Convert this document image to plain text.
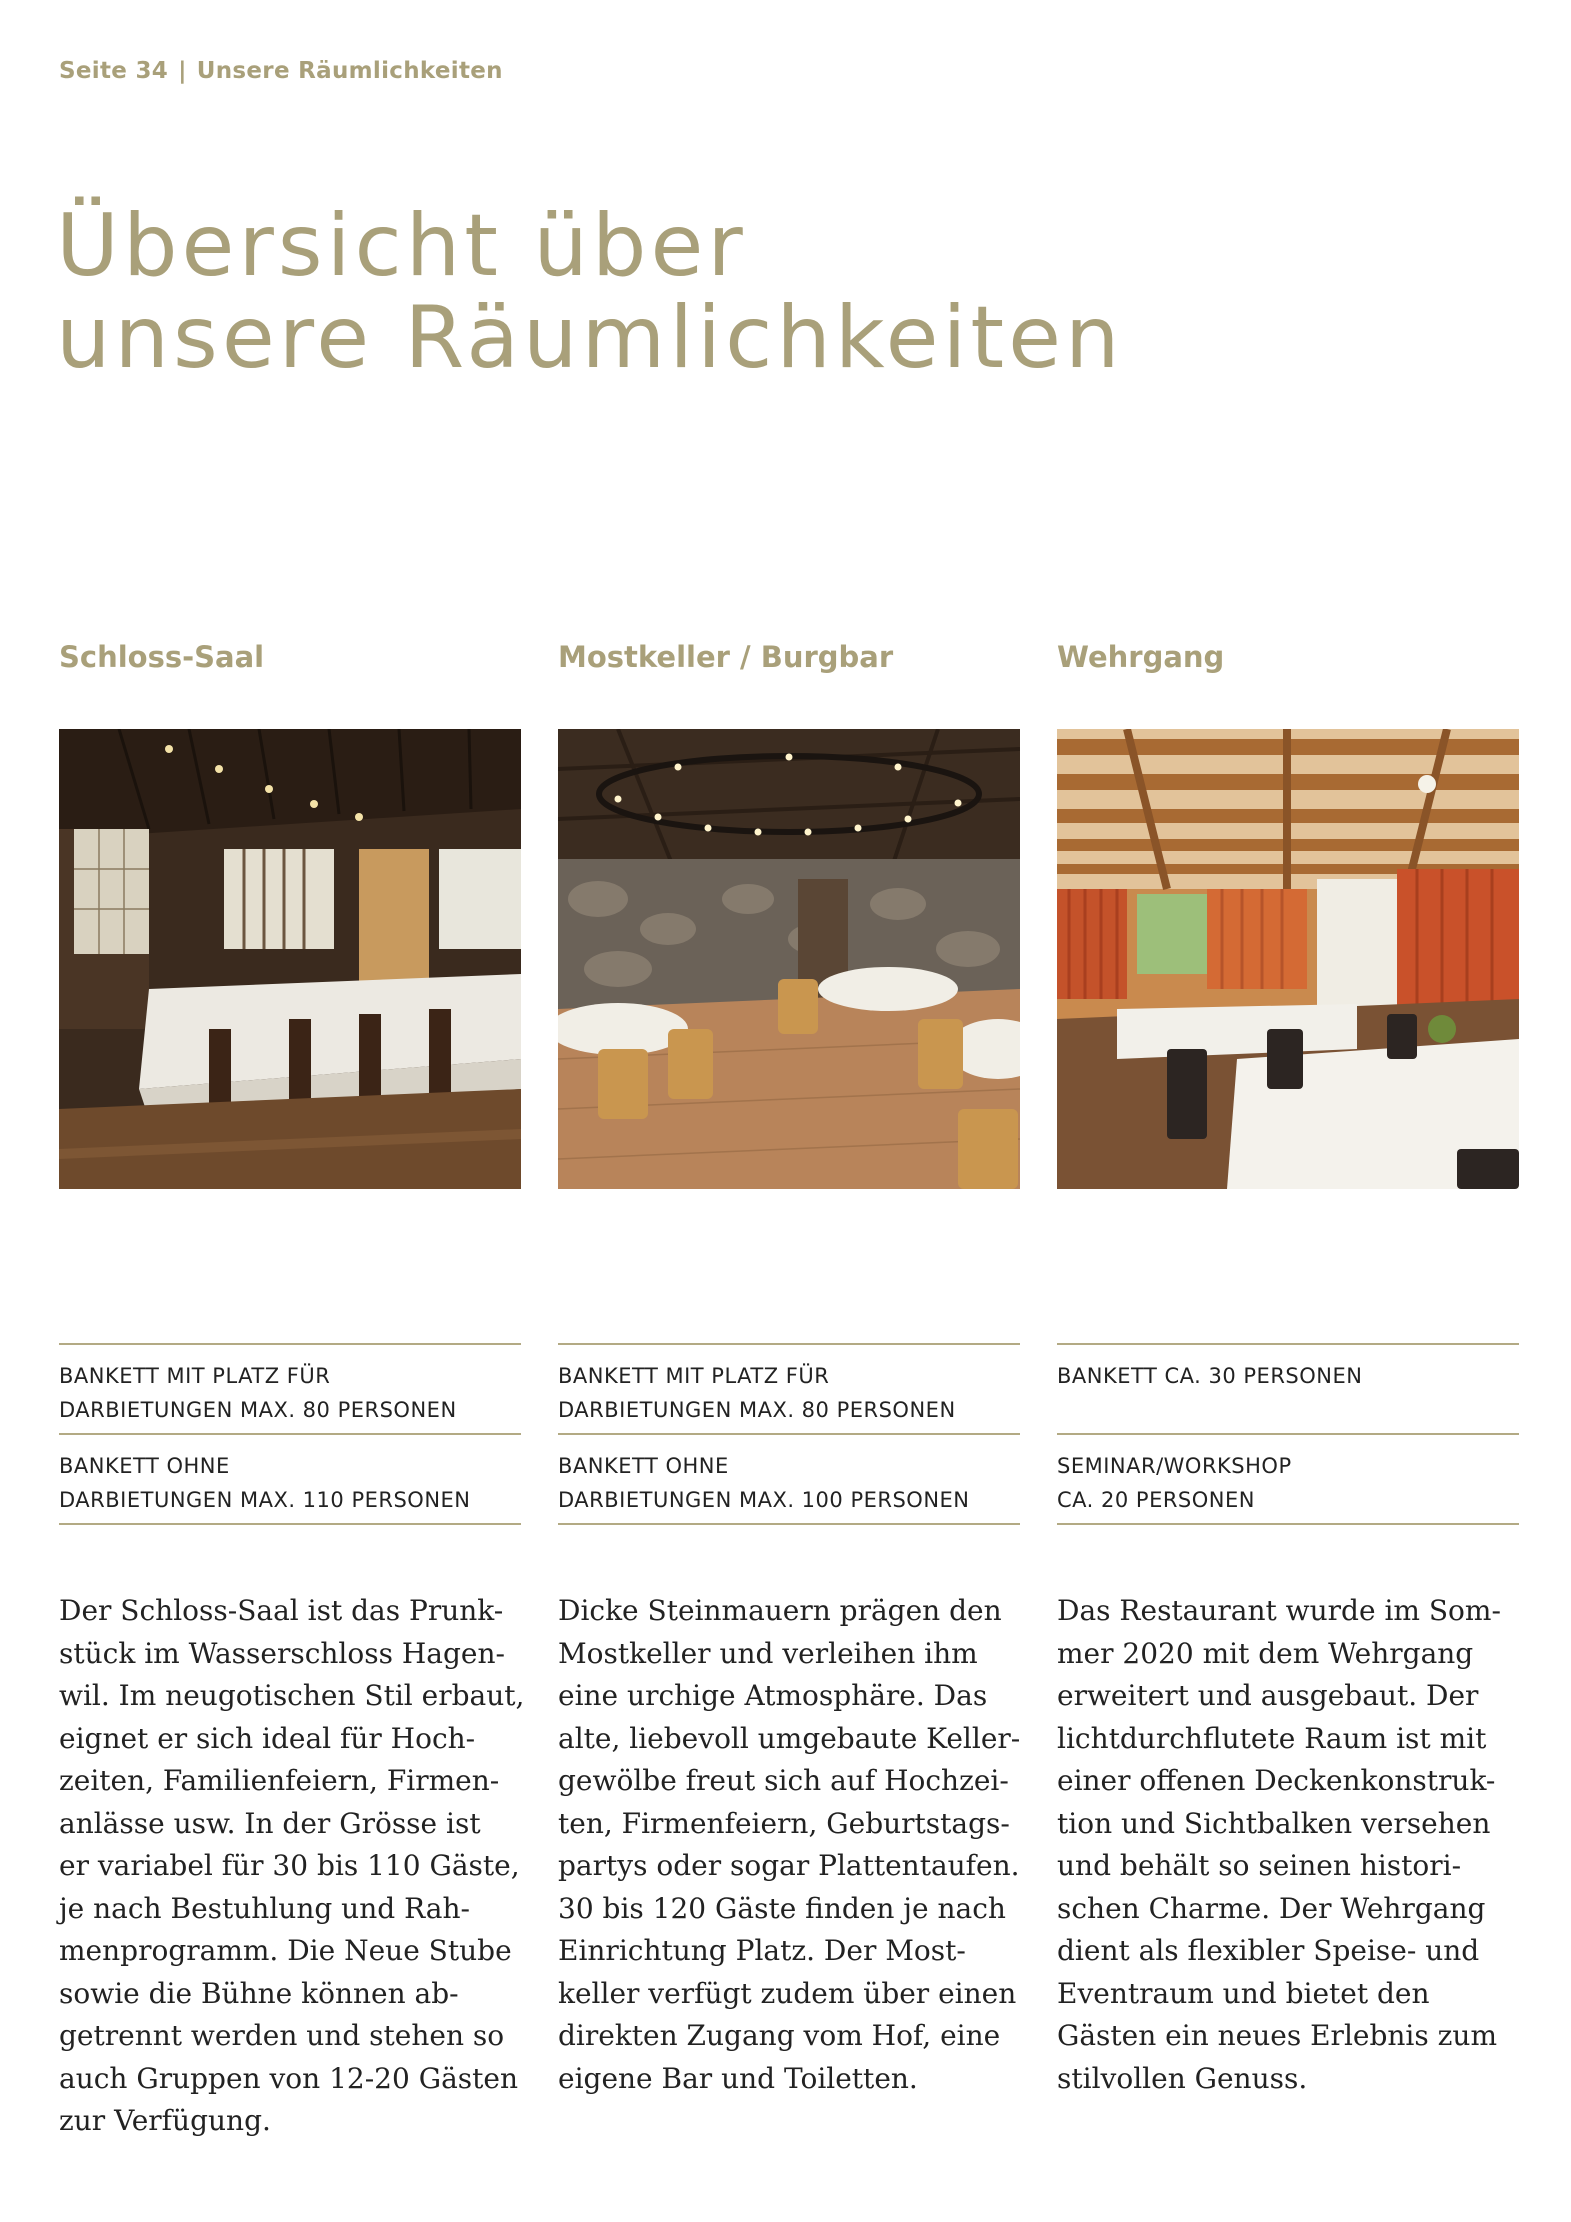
Seite 34 | Unsere Räumlichkeiten
Übersicht über
unsere Räumlichkeiten
Schloss-Saal
BANKETT MIT PLATZ FÜR
DARBIETUNGEN MAX. 80 PERSONEN
BANKETT OHNE
DARBIETUNGEN MAX. 110 PERSONEN
Der Schloss-Saal ist das Prunk-
stück im Wasserschloss Hagen-
wil. Im neugotischen Stil erbaut,
eignet er sich ideal für Hoch-
zeiten, Familienfeiern, Firmen-
anlässe usw. In der Grösse ist
er variabel für 30 bis 110 Gäste,
je nach Bestuhlung und Rah-
menprogramm. Die Neue Stube
sowie die Bühne können ab-
getrennt werden und stehen so
auch Gruppen von 12-20 Gästen
zur Verfügung.
Mostkeller / Burgbar
BANKETT MIT PLATZ FÜR
DARBIETUNGEN MAX. 80 PERSONEN
BANKETT OHNE
DARBIETUNGEN MAX. 100 PERSONEN
Dicke Steinmauern prägen den
Mostkeller und verleihen ihm
eine urchige Atmosphäre. Das
alte, liebevoll umgebaute Keller-
gewölbe freut sich auf Hochzei-
ten, Firmenfeiern, Geburtstags-
partys oder sogar Plattentaufen.
30 bis 120 Gäste finden je nach
Einrichtung Platz. Der Most-
keller verfügt zudem über einen
direkten Zugang vom Hof, eine
eigene Bar und Toiletten.
Wehrgang
BANKETT CA. 30 PERSONEN
SEMINAR/WORKSHOP
CA. 20 PERSONEN
Das Restaurant wurde im Som-
mer 2020 mit dem Wehrgang
erweitert und ausgebaut. Der
lichtdurchflutete Raum ist mit
einer offenen Deckenkonstruk-
tion und Sichtbalken versehen
und behält so seinen histori-
schen Charme. Der Wehrgang
dient als flexibler Speise- und
Eventraum und bietet den
Gästen ein neues Erlebnis zum
stilvollen Genuss.
